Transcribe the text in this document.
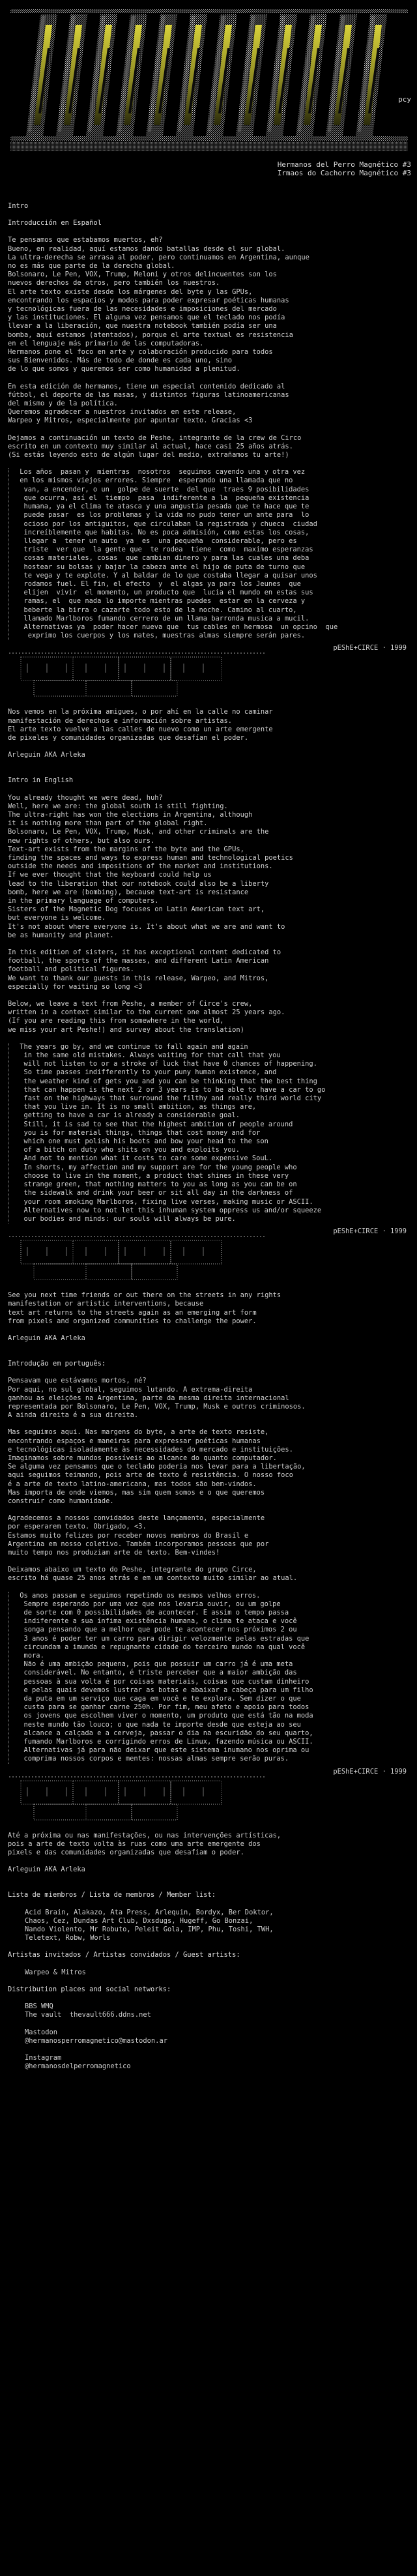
pcy
Hermanos del Perro Magnético #3
Irmaos do Cachorro Magnético #3
Intro
Introducción en Español
Te pensamos que estabamos muertos, eh?
Bueno, en realidad, aquí estamos dando batallas desde el sur global.
La ultra-derecha se arrasa al poder, pero continuamos en Argentina, aunque
no es más que parte de la derecha global.
Bolsonaro, Le Pen, VOX, Trump, Meloni y otros delincuentes son los
nuevos derechos de otros, pero también los nuestros.
El arte texto existe desde los márgenes del byte y las GPUs,
encontrando los espacios y modos para poder expresar poéticas humanas
y tecnológicas fuera de las necesidades e imposiciones del mercado
y las instituciones. El alguna vez pensamos que el teclado nos podía
llevar a la liberación, que nuestra notebook también podía ser una
bomba, aquí estamos (atentados), porque el arte textual es resistencia
en el lenguaje más primario de las computadoras.
Hermanos pone el foco en arte y colaboración producido para todos
sus Bienvenidos. Más de todo de donde es cada uno, sino
de lo que somos y queremos ser como humanidad a plenitud.
En esta edición de hermanos, tiene un especial contenido dedicado al
fútbol, el deporte de las masas, y distintos figuras latinoamericanas
del mismo y de la política.
Queremos agradecer a nuestros invitados en este release,
Warpeo y Mitros, especialmente por apuntar texto. Gracias <3
Dejamos a continuación un texto de Peshe, integrante de la crew de Circo
escrito en un contexto muy similar al actual, hace casi 25 años atrás.
(Si estás leyendo esto de algún lugar del medio, extrañamos tu arte!)
Los años  pasan y  mientras  nosotros  seguimos cayendo una y otra vez
en los mismos viejos errores. Siempre  esperando una llamada que no
van, a encender, o un  golpe de suerte  del que  traes 9 posibilidades
que ocurra, así el  tiempo  pasa  indiferente a la  pequeña existencia
humana, ya el clima te atasca y una angustia pesada que te hace que te
puede pasar  es los problemas y la vida no pudo tener un ante para  lo
ocioso por los antiguitos, que circulaban la registrada y chueca  ciudad
increíblemente que habitas. No es poca admisión, como estas los cosas,
llegar a  tener un auto  ya  es  una pequeña  considerable, pero es
triste  ver que  la gente que  te rodea  tiene  como  maximo esperanzas
cosas materiales, cosas  que cambian dinero y para las cuales una deba
hostear su bolsas y bajar la cabeza ante el hijo de puta de turno que
te vega y te explote. Y al baldar de lo que costaba llegar a quisar unos
rodamos fuel. El fin, el efecto  y  el algas ya para los Jeunes  que
elijen  vivir  el momento, un producto que  lucia el mundo en estas sus
ramas, el  que nada lo importe mientras puedes  estar en la cerveza y
beberte la birra o cazarte todo esto de la noche. Camino al cuarto,
llamado Marlboros fumando cerrero de un llama barronda musica a mucil.
Alternativas ya  poder hacer nueva que  tus cables en hermosa  un opcino  que
exprimo los cuerpos y los mates, muestras almas siempre serán pares.
pEShE+CIRCE · 1999
Nos vemos en la próxima amigues, o por ahí en la calle no caminar
manifestación de derechos e información sobre artistas.
El arte texto vuelve a las calles de nuevo como un arte emergente
de pixeles y comunidades organizadas que desafían el poder.
Arleguin AKA Arleka
Intro in English
You already thought we were dead, huh?
Well, here we are: the global south is still fighting.
The ultra-right has won the elections in Argentina, although
it is nothing more than part of the global right.
Bolsonaro, Le Pen, VOX, Trump, Musk, and other criminals are the
new rights of others, but also ours.
Text-art exists from the margins of the byte and the GPUs,
finding the spaces and ways to express human and technological poetics
outside the needs and impositions of the market and institutions.
If we ever thought that the keyboard could help us
lead to the liberation that our notebook could also be a liberty
bomb, here we are (bombing), because text-art is resistance
in the primary language of computers.
Sisters of the Magnetic Dog focuses on Latin American text art,
but everyone is welcome.
It's not about where everyone is. It's about what we are and want to
be as humanity and planet.
In this edition of sisters, it has exceptional content dedicated to
football, the sports of the masses, and different Latin American
football and political figures.
We want to thank our guests in this release, Warpeo, and Mitros,
especially for waiting so long <3
Below, we leave a text from Peshe, a member of Circe's crew,
written in a context similar to the current one almost 25 years ago.
(If you are reading this from somewhere in the world,
we miss your art Peshe!) and survey about the translation)
The years go by, and we continue to fall again and again
in the same old mistakes. Always waiting for that call that you
will not listen to or a stroke of luck that have 0 chances of happening.
So time passes indifferently to your puny human existence, and
the weather kind of gets you and you can be thinking that the best thing
that can happen is the next 2 or 3 years is to be able to have a car to go
fast on the highways that surround the filthy and really third world city
that you live in. It is no small ambition, as things are,
getting to have a car is already a considerable goal.
Still, it is sad to see that the highest ambition of people around
you is for material things, things that cost money and for
which one must polish his boots and bow your head to the son
of a bitch on duty who shits on you and exploits you.
And not to mention what it costs to care some expensive SouL.
In shorts, my affection and my support are for the young people who
choose to live in the moment, a product that shines in these very
strange green, that nothing matters to you as long as you can be on
the sidewalk and drink your beer or sit all day in the darkness of
your room smoking Marlboros, fixing live verses, making music or ASCII.
Alternatives now to not let this inhuman system oppress us and/or squeeze
our bodies and minds: our souls will always be pure.
pEShE+CIRCE · 1999
See you next time friends or out there on the streets in any rights
manifestation or artistic interventions, because
text art returns to the streets again as an emerging art form
from pixels and organized communities to challenge the power.
Arleguin AKA Arleka
Introdução em português:
Pensavam que estávamos mortos, né?
Por aqui, no sul global, seguimos lutando. A extrema-direita
ganhou as eleições na Argentina, parte da mesma direita internacional
representada por Bolsonaro, Le Pen, VOX, Trump, Musk e outros criminosos.
A ainda direita é a sua direita.
Mas seguimos aqui. Nas margens do byte, a arte de texto resiste,
encontrando espaços e maneiras para expressar poéticas humanas
e tecnológicas isoladamente às necessidades do mercado e instituições.
Imaginamos sobre mundos possíveis ao alcance do quanto computador.
Se alguma vez pensamos que o teclado poderia nos levar para a libertação,
aqui seguimos teimando, pois arte de texto é resistência. O nosso foco
é a arte de texto latino-americana, mas todos são bem-vindos.
Mas importa de onde viemos, mas sim quem somos e o que queremos
construir como humanidade.
Agradecemos a nossos convidados deste lançamento, especialmente
por esperarem texto. Obrigado, <3.
Estamos muito felizes por receber novos membros do Brasil e
Argentina em nosso coletivo. Também incorporamos pessoas que por
muito tempo nos produziam arte de texto. Bem-vindes!
Deixamos abaixo um texto do Peshe, integrante do grupo Circe,
escrito há quase 25 anos atrás e em um contexto muito similar ao atual.
Os anos passam e seguimos repetindo os mesmos velhos erros.
Sempre esperando por uma vez que nos levaria ouvir, ou um golpe
de sorte com 0 possibilidades de acontecer. E assim o tempo passa
indiferente a sua ínfima existência humana, o clima te ataca e você
songa pensando que a melhor que pode te acontecer nos próximos 2 ou
3 anos é poder ter um carro para dirigir velozmente pelas estradas que
circundam a imunda e repugnante cidade do terceiro mundo na qual você
mora.
Não é uma ambição pequena, pois que possuir um carro já é uma meta
considerável. No entanto, é triste perceber que a maior ambição das
pessoas à sua volta é por coisas materiais, coisas que custam dinheiro
e pelas quais devemos lustrar as botas e abaixar a cabeça para um filho
da puta em um serviço que caga em você e te explora. Sem dizer o que
custa para se ganhar carne 250h. Por fim, meu afeto e apoio para todos
os jovens que escolhem viver o momento, um produto que está tão na moda
neste mundo tão louco; o que nada te importe desde que esteja ao seu
alcance a calçada e a cerveja, passar o dia na escuridão do seu quarto,
fumando Marlboros e corrigindo erros de Linux, fazendo música ou ASCII.
Alternativas já para não deixar que este sistema inumano nos oprima ou
comprima nossos corpos e mentes: nossas almas sempre serão puras.
pEShE+CIRCE · 1999
Até a próxima ou nas manifestações, ou nas intervenções artísticas,
pois a arte de texto volta às ruas como uma arte emergente dos
pixels e das comunidades organizadas que desafiam o poder.
Arleguin AKA Arleka
Lista de miembros / Lista de membros / Member list:
Acid Brain, Alakazo, Ata Press, Arlequin, Bordyx, Ber Doktor,
Chaos, Cez, Dundas Art Club, Dxsdugs, Hugeff, Go Bonzai,
Nando Violento, Mr Robuto, Peleit Gola, IMP, Phu, Toshi, TWH,
Teletext, Robw, Worls
Artistas invitados / Artistas convidados / Guest artists:
Warpeo & Mitros
Distribution places and social networks:
BBS WMQ
The vault  thevault666.ddns.net
Mastodon
@hermanosperromagnetico@mastodon.ar
Instagram
@hermanosdelperromagnetico
